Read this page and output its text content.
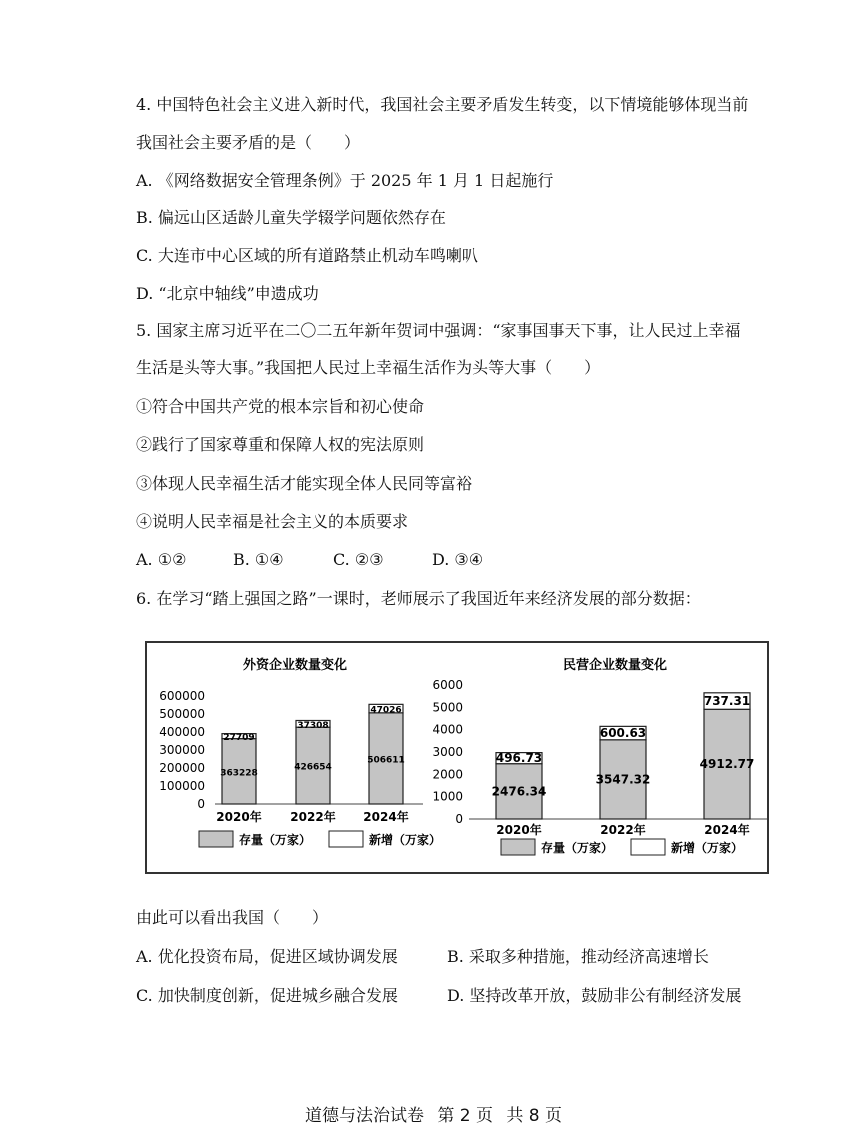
4. 中国特色社会主义进入新时代，我国社会主要矛盾发生转变，以下情境能够体现当前
我国社会主要矛盾的是（　　）
A. 《网络数据安全管理条例》于 2025 年 1 月 1 日起施行
B. 偏远山区适龄儿童失学辍学问题依然存在
C. 大连市中心区域的所有道路禁止机动车鸣喇叭
D. “北京中轴线”申遗成功
5. 国家主席习近平在二〇二五年新年贺词中强调：“家事国事天下事，让人民过上幸福
生活是头等大事。”我国把人民过上幸福生活作为头等大事（　　）
①符合中国共产党的根本宗旨和初心使命
②践行了国家尊重和保障人权的宪法原则
③体现人民幸福生活才能实现全体人民同等富裕
④说明人民幸福是社会主义的本质要求
A. ①②	B. ①④	C. ②③	D. ③④
6. 在学习“踏上强国之路”一课时，老师展示了我国近年来经济发展的部分数据：
外资企业数量变化
600000
500000
400000
300000
200000
100000
0
363228
27709
2020年
426654
37308
2022年
506611
47026
2024年
存量（万家）	新增（万家）
民营企业数量变化
6000
5000
4000
3000
2000
1000
0
2476.34
496.73
2020年
3547.32
600.63
2022年
4912.77
737.31
2024年
存量（万家）	新增（万家）
由此可以看出我国（　　）
A. 优化投资布局，促进区域协调发展	B. 采取多种措施，推动经济高速增长
C. 加快制度创新，促进城乡融合发展	D. 坚持改革开放，鼓励非公有制经济发展
道德与法治试卷 第 2 页 共 8 页
